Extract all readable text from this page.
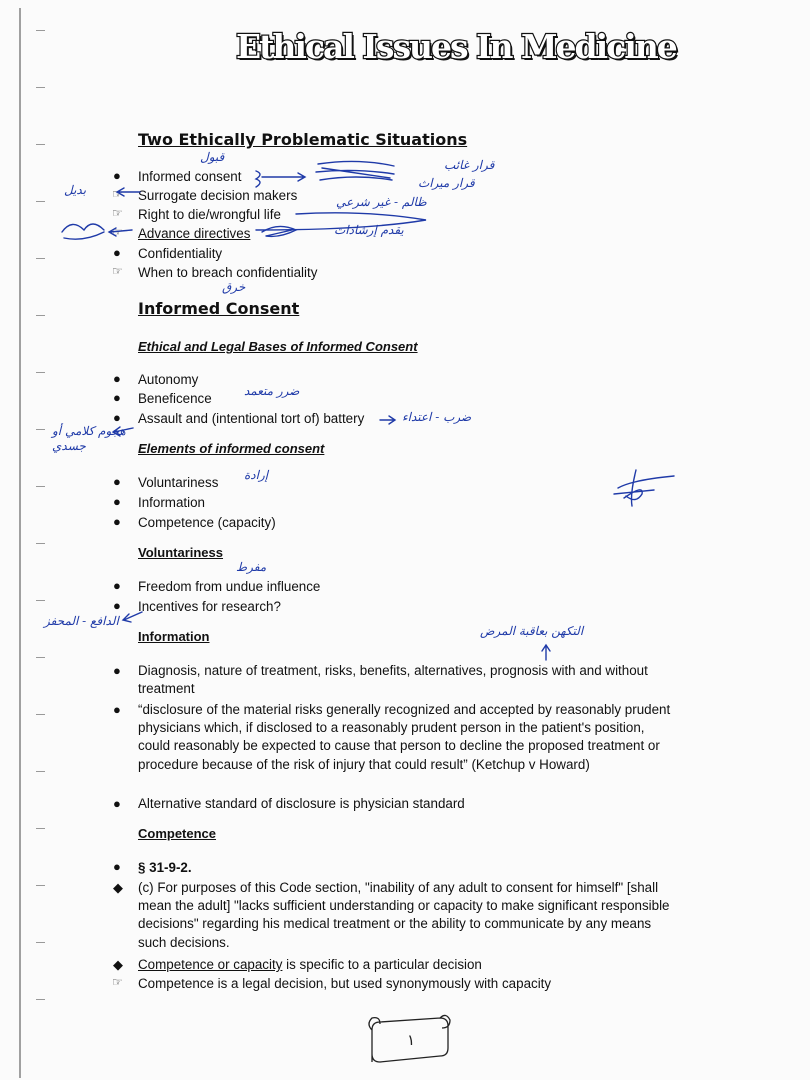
Ethical Issues In Medicine
Two Ethically Problematic Situations
● Informed consent
☞ Surrogate decision makers
☞ Right to die/wrongful life
☞ Advance directives
● Confidentiality
☞ When to breach confidentiality
Informed Consent
Ethical and Legal Bases of Informed Consent
● Autonomy
● Beneficence
● Assault and (intentional tort of) battery
Elements of informed consent
● Voluntariness
● Information
● Competence (capacity)
Voluntariness
● Freedom from undue influence
● Incentives for research?
Information
● Diagnosis, nature of treatment, risks, benefits, alternatives, prognosis with and without treatment
● “disclosure of the material risks generally recognized and accepted by reasonably prudent physicians which, if disclosed to a reasonably prudent person in the patient's position, could reasonably be expected to cause that person to decline the proposed treatment or procedure because of the risk of injury that could result” (Ketchup v Howard)
● Alternative standard of disclosure is physician standard
Competence
● § 31-9-2.
◆ (c) For purposes of this Code section, "inability of any adult to consent for himself" [shall mean the adult] "lacks sufficient understanding or capacity to make significant responsible decisions" regarding his medical treatment or the ability to communicate by any means such decisions.
◆ Competence or capacity is specific to a particular decision
☞ Competence is a legal decision, but used synonymously with capacity
قبول
قرار غائب
قرار ميراث
بديل
ظالم - غير شرعي
يقدم إرشادات
خرق
ضرر متعمد
ضرب - اعتداء
هجوم كلامي أو جسدي
إرادة
مفرط
الدافع - المحفز
التكهن بعاقبة المرض
١
